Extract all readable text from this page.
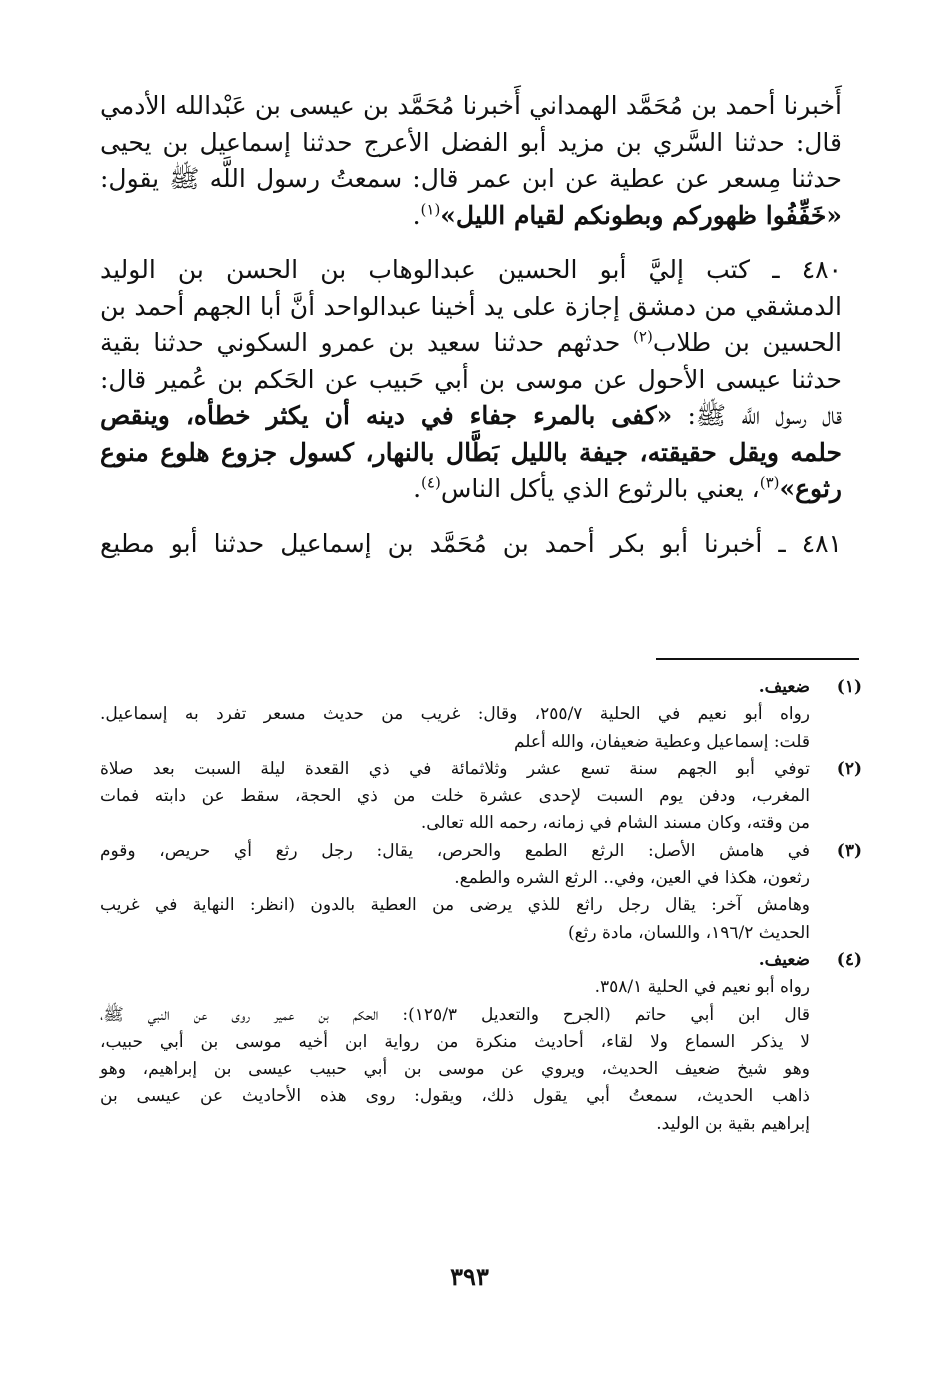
أَخبرنا أحمد بن مُحَمَّد الهمداني أَخبرنا مُحَمَّد بن عيسى بن عَبْدالله الأدمي
قال: حدثنا السَّري بن مزيد أبو الفضل الأعرج حدثنا إسماعيل بن يحيى
حدثنا مِسعر عن عطية عن ابن عمر قال: سمعتُ رسول اللَّه ﷺ يقول:
«خَفِّفُوا ظهوركم وبطونكم لقيام الليل»$^{(١)}$.
٤٨٠ ـ كتب إليَّ أبو الحسين عبدالوهاب بن الحسن بن الوليد
الدمشقي من دمشق إجازة على يد أخينا عبدالواحد أنَّ أبا الجهم أحمد بن
الحسين بن طلاب$^{(٢)}$ حدثهم حدثنا سعيد بن عمرو السكوني حدثنا بقية
حدثنا عيسى الأحول عن موسى بن أبي حَبيب عن الحَكم بن عُمير قال:
قال رسول اللَّه ﷺ: «كفى بالمرء جفاء في دينه أن يكثر خطأه، وينقص
حلمه ويقل حقيقته، جيفة بالليل بَطَّال بالنهار، كسول جزوع هلوع منوع
رثوع»$^{(٣)}$، يعني بالرثوع الذي يأكل الناس$^{(٤)}$.
٤٨١ ـ أخبرنا أبو بكر أحمد بن مُحَمَّد بن إسماعيل حدثنا أبو مطيع
(١)
ضعيف.
رواه أبو نعيم في الحلية ٢٥٥/٧، وقال: غريب من حديث مسعر تفرد به إسماعيل.
قلت: إسماعيل وعطية ضعيفان، والله أعلم
(٢)
توفي أبو الجهم سنة تسع عشر وثلاثمائة في ذي القعدة ليلة السبت بعد صلاة
المغرب، ودفن يوم السبت لإحدى عشرة خلت من ذي الحجة، سقط عن دابته فمات
من وقته، وكان مسند الشام في زمانه، رحمه الله تعالى.
(٣)
في هامش الأصل: الرثع الطمع والحرص، يقال: رجل رثع أي حريص، وقوم
رثعون، هكذا في العين، وفي.. الرثع الشره والطمع.
وهامش آخر: يقال رجل راثع للذي يرضى من العطية بالدون (انظر: النهاية في غريب
الحديث ١٩٦/٢، واللسان، مادة رثع)
(٤)
ضعيف.
رواه أبو نعيم في الحلية ٣٥٨/١.
قال ابن أبي حاتم (الجرح والتعديل ١٢٥/٣): الحكم بن عمير روى عن النبي ﷺ،
لا يذكر السماع ولا لقاء، أحاديث منكرة من رواية ابن أخيه موسى بن أبي حبيب،
وهو شيخ ضعيف الحديث، ويروي عن موسى بن أبي حبيب عيسى بن إبراهيم، وهو
ذاهب الحديث، سمعتُ أبي يقول ذلك، ويقول: روى هذه الأحاديث عن عيسى بن
إبراهيم بقية بن الوليد.
٣٩٣
